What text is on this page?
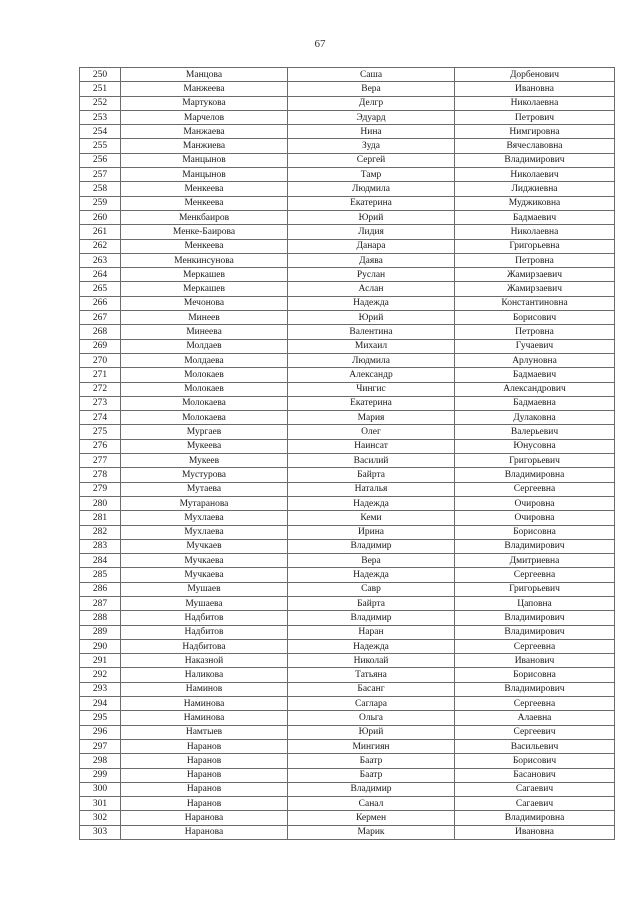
67
250	Манцова	Саша	Дорбенович
251	Манжеева	Вера	Ивановна
252	Мартукова	Делгр	Николаевна
253	Марчелов	Эдуард	Петрович
254	Манжаева	Нина	Нимгировна
255	Манжиева	Зуда	Вячеславовна
256	Манцынов	Сергей	Владимирович
257	Манцынов	Тамр	Николаевич
258	Менкеева	Людмила	Лиджиевна
259	Менкеева	Екатерина	Муджиковна
260	Менкбаиров	Юрий	Бадмаевич
261	Менке-Баирова	Лидия	Николаевна
262	Менкеева	Данара	Григорьевна
263	Менкинсунова	Даява	Петровна
264	Меркашев	Руслан	Жамирзаевич
265	Меркашев	Аслан	Жамирзаевич
266	Мечонова	Надежда	Константиновна
267	Минеев	Юрий	Борисович
268	Минеева	Валентина	Петровна
269	Молдаев	Михаил	Гучаевич
270	Молдаева	Людмила	Арлуновна
271	Молокаев	Александр	Бадмаевич
272	Молокаев	Чингис	Александрович
273	Молокаева	Екатерина	Бадмаевна
274	Молокаева	Мария	Дулаковна
275	Мургаев	Олег	Валерьевич
276	Мукеева	Наинсат	Юнусовна
277	Мукеев	Василий	Григорьевич
278	Мустурова	Байрта	Владимировна
279	Мутаева	Наталья	Сергеевна
280	Мутаранова	Надежда	Очировна
281	Мухлаева	Кеми	Очировна
282	Мухлаева	Ирина	Борисовна
283	Мучкаев	Владимир	Владимирович
284	Мучкаева	Вера	Дмитриевна
285	Мучкаева	Надежда	Сергеевна
286	Мушаев	Савр	Григорьевич
287	Мушаева	Байрта	Цаповна
288	Надбитов	Владимир	Владимирович
289	Надбитов	Наран	Владимирович
290	Надбитова	Надежда	Сергеевна
291	Наказной	Николай	Иванович
292	Наликова	Татьяна	Борисовна
293	Наминов	Басанг	Владимирович
294	Наминова	Саглара	Сергеевна
295	Наминова	Ольга	Алаевна
296	Намтыев	Юрий	Сергеевич
297	Наранов	Мингиян	Васильевич
298	Наранов	Баатр	Борисович
299	Наранов	Баатр	Басанович
300	Наранов	Владимир	Сагаевич
301	Наранов	Санал	Сагаевич
302	Наранова	Кермен	Владимировна
303	Наранова	Марик	Ивановна
